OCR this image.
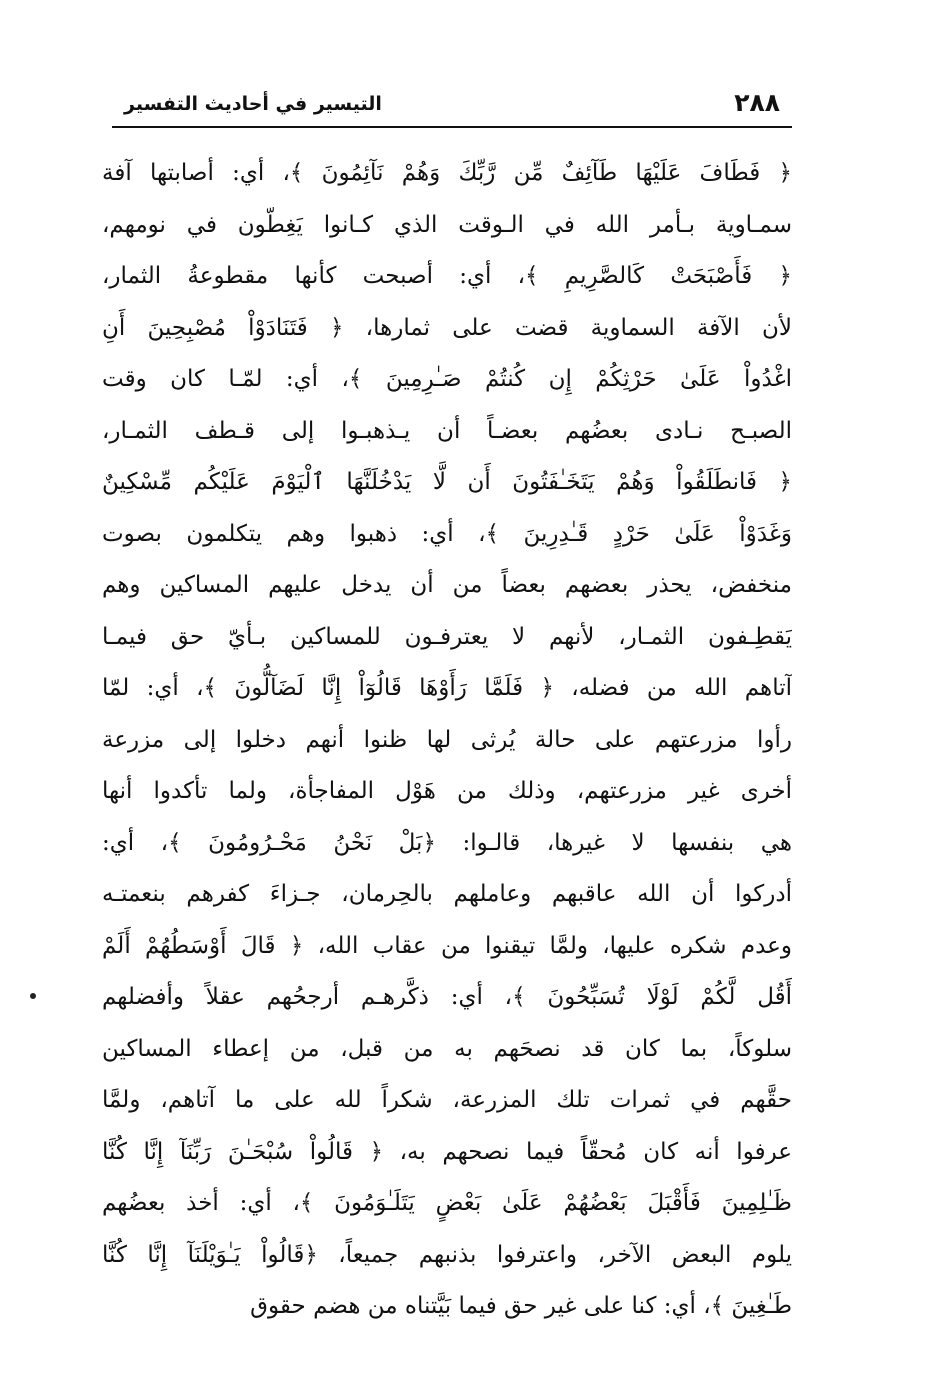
٢٨٨
التيسير في أحاديث التفسير
﴿ فَطَافَ عَلَيْهَا طَآئِفٌ مِّن رَّبِّكَ وَهُمْ نَآئِمُونَ ﴾، أي: أصابتها آفة
سمـاوية بـأمر الله في الـوقت الذي كـانوا يَغِطّون في نومهم،
﴿ فَأَصْبَحَتْ كَالصَّرِيمِ ﴾، أي: أصبحت كأنها مقطوعةُ الثمار،
لأن الآفة السماوية قضت على ثمارها، ﴿ فَتَنَادَوْاْ مُصْبِحِينَ أَنِ
اغْدُواْ عَلَىٰ حَرْثِكُمْ إِن كُنتُمْ صَـٰرِمِينَ ﴾، أي: لمّـا كان وقت
الصبـح نـادى بعضُهم بعضـاً أن يـذهبـوا إلى قـطف الثمـار،
﴿ فَانطَلَقُواْ وَهُمْ يَتَخَـٰفَتُونَ أَن لَّا يَدْخُلَنَّهَا ٱلْيَوْمَ عَلَيْكُم مِّسْكِينٌ
وَغَدَوْاْ عَلَىٰ حَرْدٍ قَـٰدِرِينَ ﴾، أي: ذهبوا وهم يتكلمون بصوت
منخفض، يحذر بعضهم بعضاً من أن يدخل عليهم المساكين وهم
يَقطِـفون الثمـار، لأنهم لا يعترفـون للمساكين بـأيّ حق فيمـا
آتاهم الله من فضله، ﴿ فَلَمَّا رَأَوْهَا قَالُوٓاْ إِنَّا لَضَآلُّونَ ﴾، أي: لمّا
رأوا مزرعتهم على حالة يُرثى لها ظنوا أنهم دخلوا إلى مزرعة
أخرى غير مزرعتهم، وذلك من هَوْل المفاجأة، ولما تأكدوا أنها
هي بنفسها لا غيرها، قالـوا: ﴿بَلْ نَحْنُ مَحْـرُومُونَ ﴾، أي:
أدركوا أن الله عاقبهم وعاملهم بالحِرمان، جـزاءَ كفرهم بنعمتـه
وعدم شكره عليها، ولمَّا تيقنوا من عقاب الله، ﴿ قَالَ أَوْسَطُهُمْ أَلَمْ
أَقُل لَّكُمْ لَوْلَا تُسَبِّحُونَ ﴾، أي: ذكَّرهـم أرجحُهم عقلاً وأفضلهم
سلوكاً، بما كان قد نصحَهم به من قبل، من إعطاء المساكين
حقَّهم في ثمرات تلك المزرعة، شكراً لله على ما آتاهم، ولمَّا
عرفوا أنه كان مُحقّاً فيما نصحهم به، ﴿ قَالُواْ سُبْحَـٰنَ رَبِّنَآ إِنَّا كُنَّا
ظَـٰلِمِينَ فَأَقْبَلَ بَعْضُهُمْ عَلَىٰ بَعْضٍ يَتَلَـٰوَمُونَ ﴾، أي: أخذ بعضُهم
يلوم البعض الآخر، واعترفوا بذنبهم جميعاً، ﴿قَالُواْ يَـٰوَيْلَنَآ إِنَّا كُنَّا
طَـٰغِينَ ﴾، أي: كنا على غير حق فيما بَيَّتناه من هضم حقوق
